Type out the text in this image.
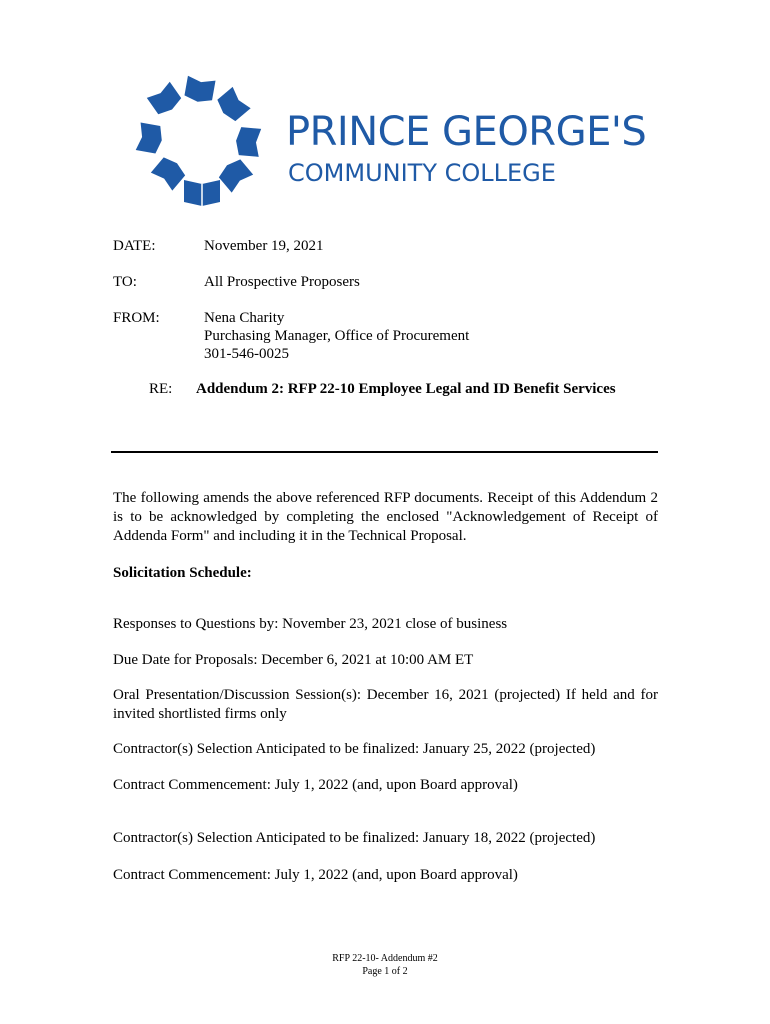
PRINCE GEORGE'S
COMMUNITY COLLEGE
DATE:	November 19, 2021
TO:	All Prospective Proposers
FROM:	Nena Charity
Purchasing Manager, Office of Procurement
301-546-0025
RE: Addendum 2: RFP 22-10 Employee Legal and ID Benefit Services
The following amends the above referenced RFP documents. Receipt of this Addendum 2 is to be acknowledged by completing the enclosed "Acknowledgement of Receipt of Addenda Form" and including it in the Technical Proposal.
Solicitation Schedule:
Responses to Questions by: November 23, 2021 close of business
Due Date for Proposals: December 6, 2021 at 10:00 AM ET
Oral Presentation/Discussion Session(s): December 16, 2021 (projected) If held and for invited shortlisted firms only
Contractor(s) Selection Anticipated to be finalized: January 25, 2022 (projected)
Contract Commencement: July 1, 2022 (and, upon Board approval)
Contractor(s) Selection Anticipated to be finalized: January 18, 2022 (projected)
Contract Commencement: July 1, 2022 (and, upon Board approval)
RFP 22-10- Addendum #2
Page 1 of 2
